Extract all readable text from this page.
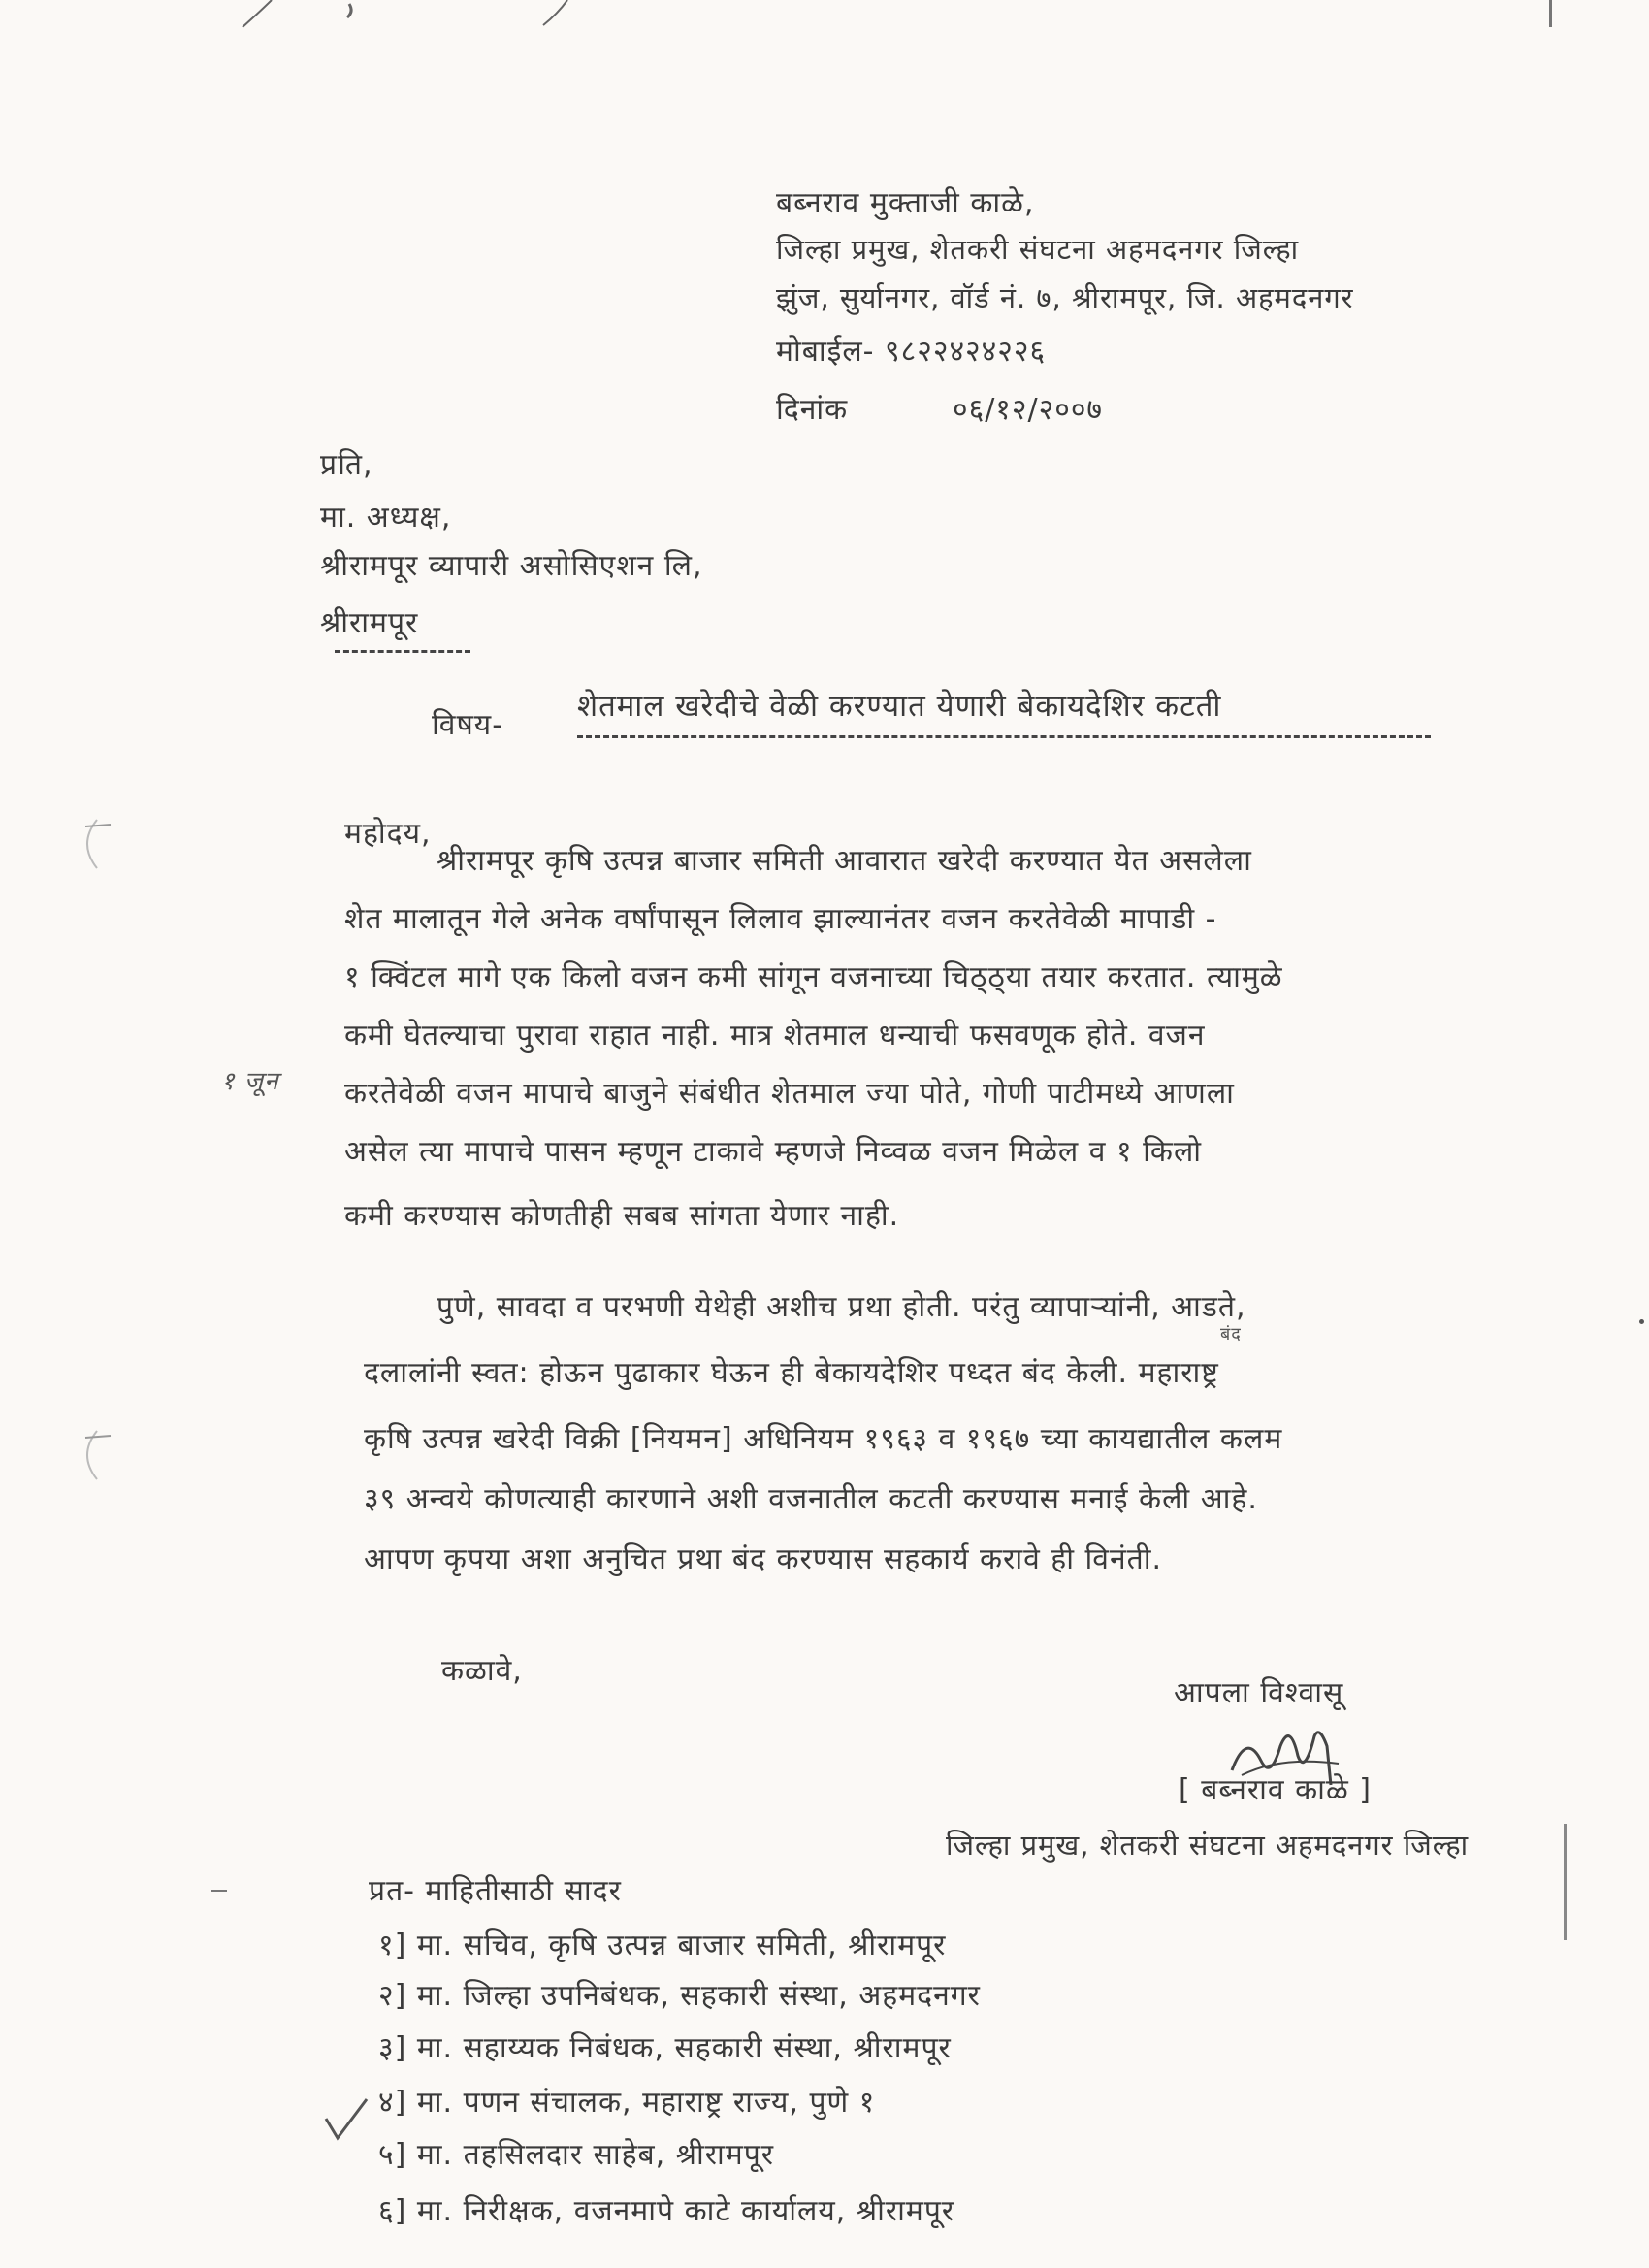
बब्नराव मुक्ताजी काळे,
जिल्हा प्रमुख, शेतकरी संघटना अहमदनगर जिल्हा
झुंज, सुर्यानगर, वॉर्ड नं. ७, श्रीरामपूर, जि. अहमदनगर
मोबाईल- ९८२२४२४२२६
दिनांक	०६/१२/२००७
प्रति,
मा. अध्यक्ष,
श्रीरामपूर व्यापारी असोसिएशन लि,
श्रीरामपूर
विषय-
शेतमाल खरेदीचे वेळी करण्यात येणारी बेकायदेशिर कटती
महोदय,
श्रीरामपूर कृषि उत्पन्न बाजार समिती आवारात खरेदी करण्यात येत असलेला
शेत मालातून गेले अनेक वर्षांपासून लिलाव झाल्यानंतर वजन करतेवेळी मापाडी -
१ क्विंटल मागे एक किलो वजन कमी सांगून वजनाच्या चिठ्ठ्या तयार करतात. त्यामुळे
कमी घेतल्याचा पुरावा राहात नाही. मात्र शेतमाल धन्याची फसवणूक होते. वजन
करतेवेळी वजन मापाचे बाजुने संबंधीत शेतमाल ज्या पोते, गोणी पाटीमध्ये आणला
असेल त्या मापाचे पासन म्हणून टाकावे म्हणजे निव्वळ वजन मिळेल व १ किलो
कमी करण्यास कोणतीही सबब सांगता येणार नाही.
१ जून
पुणे, सावदा व परभणी येथेही अशीच प्रथा होती. परंतु व्यापाऱ्यांनी, आडते,
बंद
दलालांनी स्वत: होऊन पुढाकार घेऊन ही बेकायदेशिर पध्दत बंद केली. महाराष्ट्र
कृषि उत्पन्न खरेदी विक्री [नियमन] अधिनियम १९६३ व १९६७ च्या कायद्यातील कलम
३९ अन्वये कोणत्याही कारणाने अशी वजनातील कटती करण्यास मनाई केली आहे.
आपण कृपया अशा अनुचित प्रथा बंद करण्यास सहकार्य करावे ही विनंती.
कळावे,
आपला विश्वासू
[ बब्नराव काळे ]
जिल्हा प्रमुख, शेतकरी संघटना अहमदनगर जिल्हा
प्रत- माहितीसाठी सादर
१] मा. सचिव, कृषि उत्पन्न बाजार समिती, श्रीरामपूर
२] मा. जिल्हा उपनिबंधक, सहकारी संस्था, अहमदनगर
३] मा. सहाय्यक निबंधक, सहकारी संस्था, श्रीरामपूर
४] मा. पणन संचालक, महाराष्ट्र राज्य, पुणे १
५] मा. तहसिलदार साहेब, श्रीरामपूर
६] मा. निरीक्षक, वजनमापे काटे कार्यालय, श्रीरामपूर
